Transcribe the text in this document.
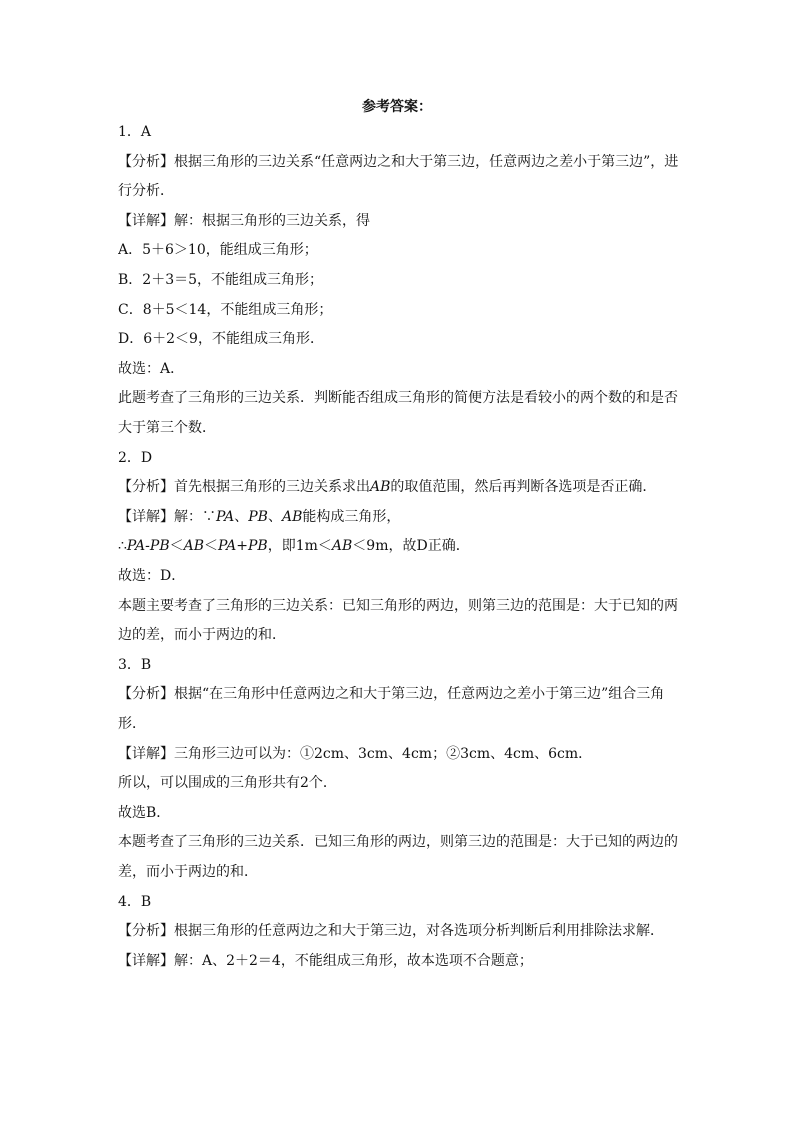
参考答案：
1．A
【分析】根据三角形的三边关系“任意两边之和大于第三边，任意两边之差小于第三边”，进
行分析．
【详解】解：根据三角形的三边关系，得
A．5＋6＞10，能组成三角形；
B．2＋3＝5，不能组成三角形；
C．8＋5＜14，不能组成三角形；
D．6＋2＜9，不能组成三角形．
故选：A．
此题考查了三角形的三边关系．判断能否组成三角形的简便方法是看较小的两个数的和是否
大于第三个数．
2．D
【分析】首先根据三角形的三边关系求出AB的取值范围，然后再判断各选项是否正确．
【详解】解：∵PA、PB、AB能构成三角形，
∴PA-PB＜AB＜PA+PB，即1m＜AB＜9m，故D正确．
故选：D．
本题主要考查了三角形的三边关系：已知三角形的两边，则第三边的范围是：大于已知的两
边的差，而小于两边的和．
3．B
【分析】根据“在三角形中任意两边之和大于第三边，任意两边之差小于第三边”组合三角
形．
【详解】三角形三边可以为：①2cm、3cm、4cm；②3cm、4cm、6cm．
所以，可以围成的三角形共有2个．
故选B．
本题考查了三角形的三边关系．已知三角形的两边，则第三边的范围是：大于已知的两边的
差，而小于两边的和．
4．B
【分析】根据三角形的任意两边之和大于第三边，对各选项分析判断后利用排除法求解．
【详解】解：A、2＋2＝4，不能组成三角形，故本选项不合题意；
